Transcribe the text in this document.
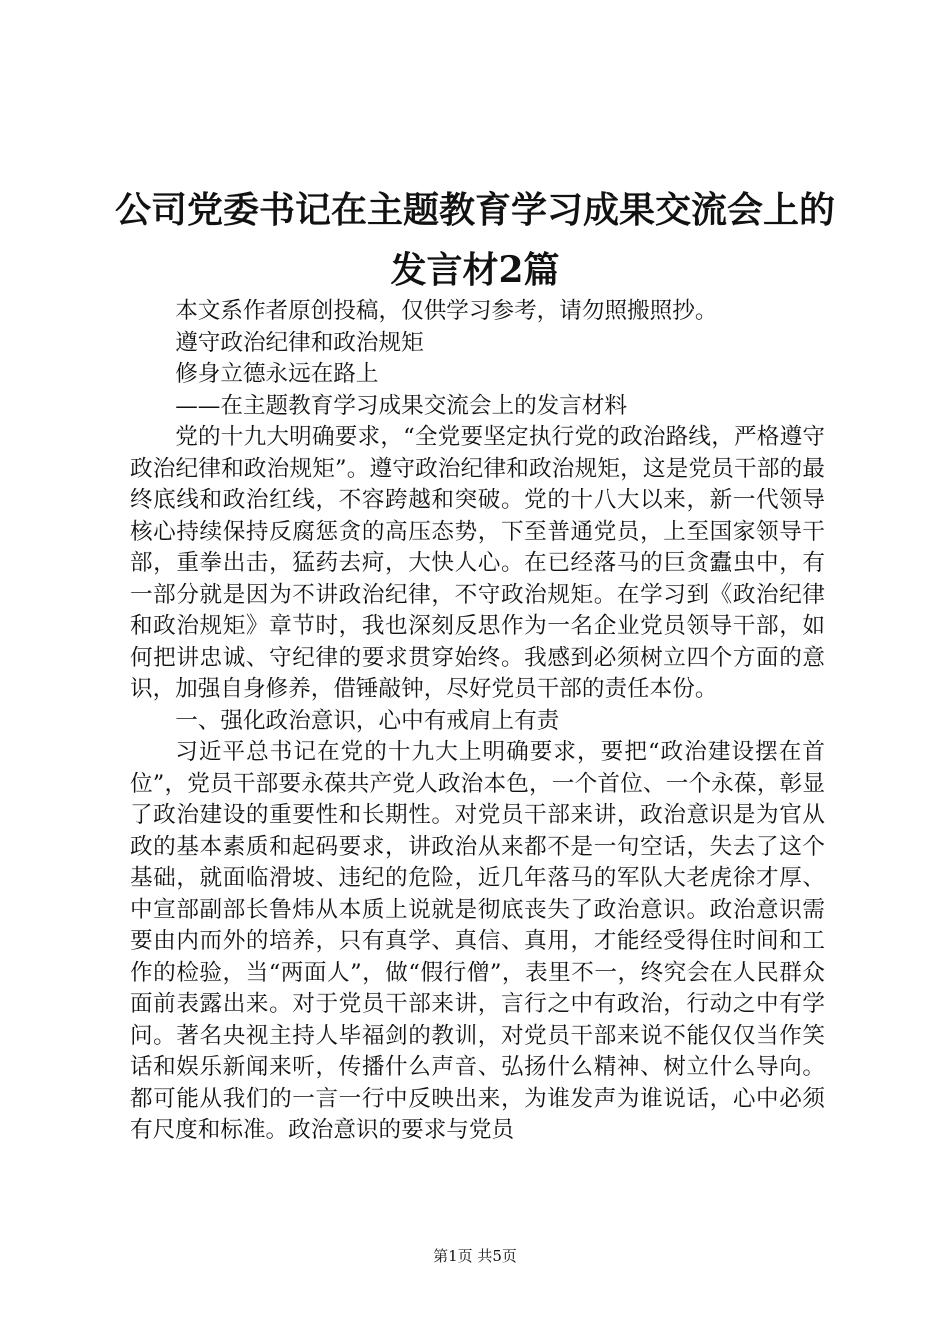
公司党委书记在主题教育学习成果交流会上的发言材2篇

本文系作者原创投稿，仅供学习参考，请勿照搬照抄。

遵守政治纪律和政治规矩

修身立德永远在路上

——在主题教育学习成果交流会上的发言材料

党的十九大明确要求，“全党要坚定执行党的政治路线，严格遵守政治纪律和政治规矩”。遵守政治纪律和政治规矩，这是党员干部的最终底线和政治红线，不容跨越和突破。党的十八大以来，新一代领导核心持续保持反腐惩贪的高压态势，下至普通党员，上至国家领导干部，重拳出击，猛药去疴，大快人心。在已经落马的巨贪蠹虫中，有一部分就是因为不讲政治纪律，不守政治规矩。在学习到《政治纪律和政治规矩》章节时，我也深刻反思作为一名企业党员领导干部，如何把讲忠诚、守纪律的要求贯穿始终。我感到必须树立四个方面的意识，加强自身修养，借锤敲钟，尽好党员干部的责任本份。

一、强化政治意识，心中有戒肩上有责

习近平总书记在党的十九大上明确要求，要把“政治建设摆在首位”，党员干部要永葆共产党人政治本色，一个首位、一个永葆，彰显了政治建设的重要性和长期性。对党员干部来讲，政治意识是为官从政的基本素质和起码要求，讲政治从来都不是一句空话，失去了这个基础，就面临滑坡、违纪的危险，近几年落马的军队大老虎徐才厚、中宣部副部长鲁炜从本质上说就是彻底丧失了政治意识。政治意识需要由内而外的培养，只有真学、真信、真用，才能经受得住时间和工作的检验，当“两面人”，做“假行僧”，表里不一，终究会在人民群众面前表露出来。对于党员干部来讲，言行之中有政治，行动之中有学问。著名央视主持人毕福剑的教训，对党员干部来说不能仅仅当作笑话和娱乐新闻来听，传播什么声音、弘扬什么精神、树立什么导向。都可能从我们的一言一行中反映出来，为谁发声为谁说话，心中必须有尺度和标准。政治意识的要求与党员

第1页 共5页
